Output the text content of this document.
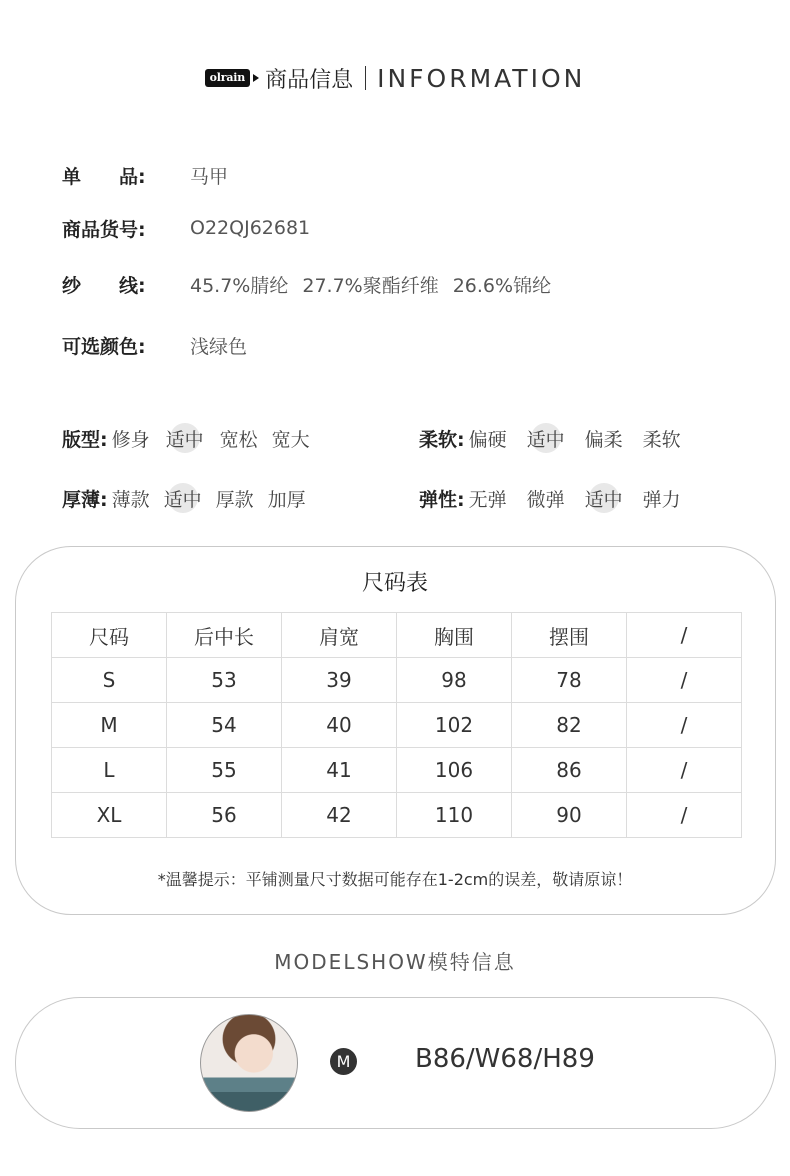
olrain 商品信息 INFORMATION
单　　品:	马甲
商品货号:	O22QJ62681
纱　　线:	45.7%腈纶 27.7%聚酯纤维 26.6%锦纶
可选颜色:	浅绿色
版型: 修身 适中 宽松 宽大	柔软: 偏硬 适中 偏柔 柔软
厚薄: 薄款 适中 厚款 加厚	弹性: 无弹 微弹 适中 弹力
尺码表
尺码	后中长	肩宽	胸围	摆围	/
S	53	39	98	78	/
M	54	40	102	82	/
L	55	41	106	86	/
XL	56	42	110	90	/
*温馨提示：平铺测量尺寸数据可能存在1-2cm的误差，敬请原谅！
MODELSHOW模特信息
M B86/W68/H89
